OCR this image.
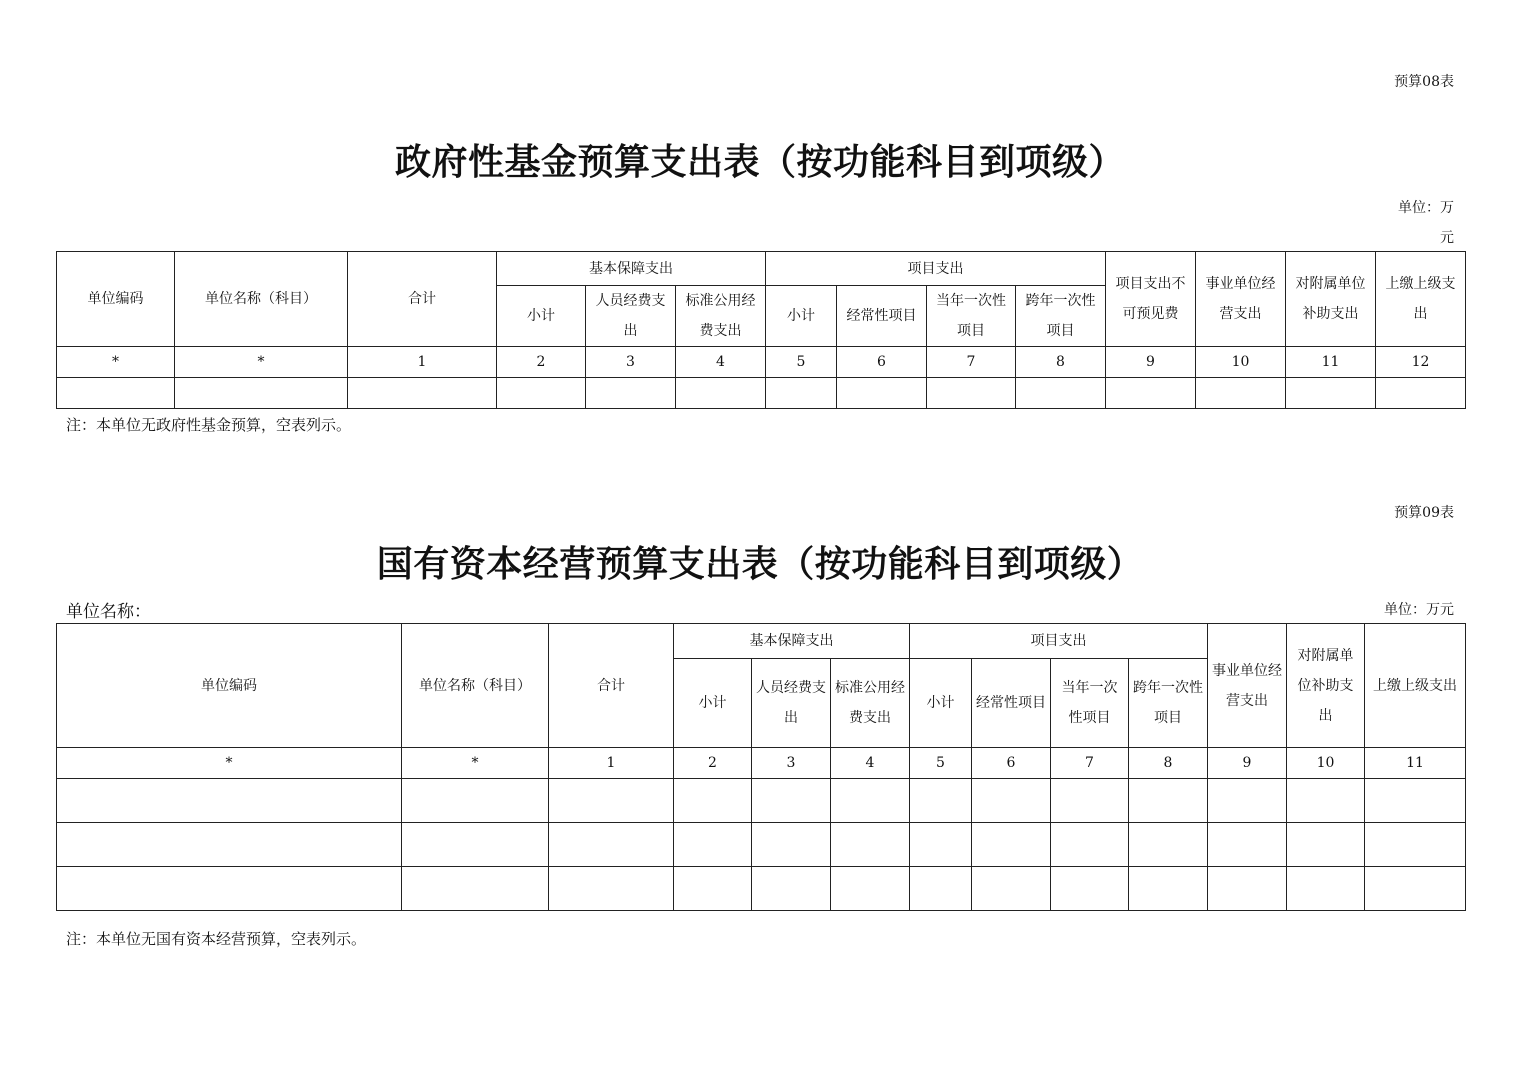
预算08表
政府性基金预算支出表（按功能科目到项级）
单位：万
元
单位编码	单位名称（科目）	合计	基本保障支出			项目支出				项目支出不可预见费	事业单位经营支出	对附属单位补助支出	上缴上级支出
			小计	人员经费支出	标准公用经费支出	小计	经常性项目	当年一次性项目	跨年一次性项目				
*	*	1	2	3	4	5	6	7	8	9	10	11	12

注：本单位无政府性基金预算，空表列示。
预算09表
国有资本经营预算支出表（按功能科目到项级）
单位名称：	单位：万元
单位编码	单位名称（科目）	合计	基本保障支出			项目支出				事业单位经营支出	对附属单位补助支出	上缴上级支出
			小计	人员经费支出	标准公用经费支出	小计	经常性项目	当年一次性项目	跨年一次性项目			
*	*	1	2	3	4	5	6	7	8	9	10	11

注：本单位无国有资本经营预算，空表列示。
